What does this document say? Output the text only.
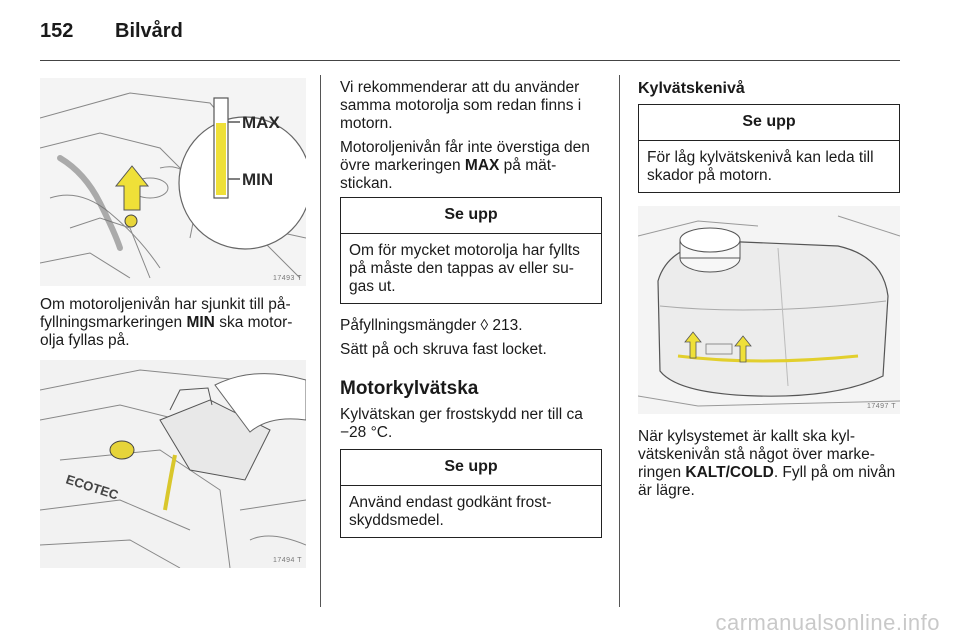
152 Bilvård
MAX
MIN
17493 T

Om motoroljenivån har sjunkit till på-
fyllningsmarkeringen MIN ska motor-
olja fyllas på.

ECOTEC
17494 T

Vi rekommenderar att du använder samma motorolja som redan finns i motorn.

Motoroljenivån får inte överstiga den övre markeringen MAX på mät-stickan.

Se upp
Om för mycket motorolja har fyllts på måste den tappas av eller su-gas ut.

Påfyllningsmängder ◊ 213.

Sätt på och skruva fast locket.

Motorkylvätska

Kylvätskan ger frostskydd ner till ca −28 °C.

Se upp
Använd endast godkänt frost-skyddsmedel.
Kylvätskenivå
Se upp
För låg kylvätskenivå kan leda till skador på motorn.
17497 T

När kylsystemet är kallt ska kyl-vätskenivån stå något över marke-ringen KALT/COLD. Fyll på om nivån är lägre.

carmanualsonline.info
